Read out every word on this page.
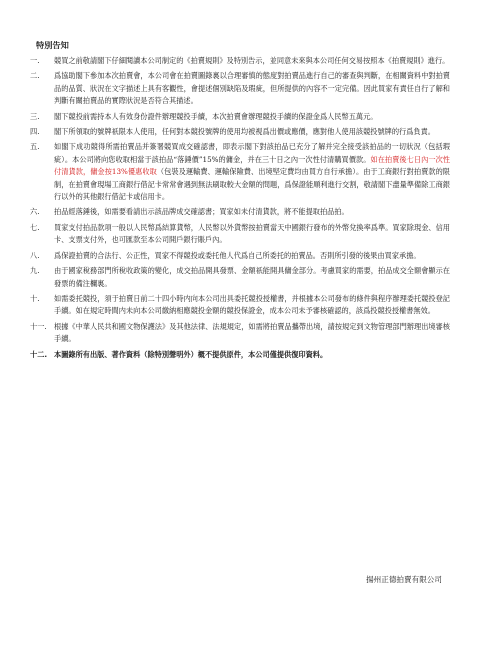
特別告知
一. 競買之前敬請閣下仔細閱讀本公司制定的《拍賣規則》及特別告示，並同意未來與本公司任何交易按照本《拍賣規則》進行。
二. 爲協助閣下參加本次拍賣會，本公司會在拍賣圖錄裏以合理審慎的態度對拍賣品進行自己的審查與判斷，在相關資料中對拍賣品的品質、狀況在文字描述上具有客觀性，會提述個別缺陷及瑕疵，但所提供的內容不一定完備。因此買家有責任自行了解和判斷有關拍賣品的實際狀況是否符合其描述。
三. 閣下競投前需持本人有效身份證件辦理競投手續，本次拍賣會辦理競投手續的保證金爲人民幣五萬元。
四. 閣下所領取的號牌祇限本人使用，任何對本競投號牌的使用均被視爲出價或應價，應對他人使用該競投號牌的行爲負責。
五. 如閣下成功競得所需拍賣品并簽署競買成交確認書，即表示閣下對該拍品已充分了解并完全接受該拍品的一切狀況（包括瑕疵）。本公司將向您收取相當于該拍品“落錘價”15%的傭金，并在三十日之內一次性付清購買價款。如在拍賣後七日內一次性付清貨款，傭金按13%優惠收取（包裝及運輸費、運輸保險費、出境堅定費均由買方自行承擔）。由于工商銀行對拍賣款的限制，在拍賣會現場工商銀行借記卡常常會遇到無法刷取較大金額的問題，爲保證能順利進行交割，敬請閣下盡量準備除工商銀行以外的其他銀行借記卡或信用卡。
六. 拍品經落錘後，如需要看請出示該品牌成交確認書；買家如未付清貨款，將不能提取拍品拍。
七. 買家支付拍品款項一般以人民幣爲結算貨幣，人民幣以外貨幣按拍賣當天中國銀行發布的外幣兌換率爲準。買家除現金、信用卡、支票支付外，也可匯款至本公司開戶銀行賬戶內。
八. 爲保證拍賣的合法行、公正性，買家不得競投或委托他人代爲自己所委托的拍賣品。否則所引發的後果由買家承擔。
九. 由于國家稅務部門所稅收政策的變化，成交拍品開具發票、金額祇能開具傭金部分。考慮買家的需要，拍品成交全額會顯示在發票的備注欄裏。
十. 如需委托競投，須于拍賣日前二十四小時内向本公司出具委托競投授權書，并根據本公司發布的條件與程序辦理委托競投登記手續。如在規定時間内未向本公司繳納相應競投金額的競投保證金，成本公司未予審核確認的，該爲投競投授權書無效。
十一. 根據《中華人民共和國文物保護法》及其他法律、法規規定，如需將拍賣品攜帶出境，請按規定到文物管理部門辦理出境審核手續。
十二. 本圖錄所有出版、著作資料（除特別聲明外）概不提供原件，本公司僅提供復印資料。
揚州正德拍賣有限公司
